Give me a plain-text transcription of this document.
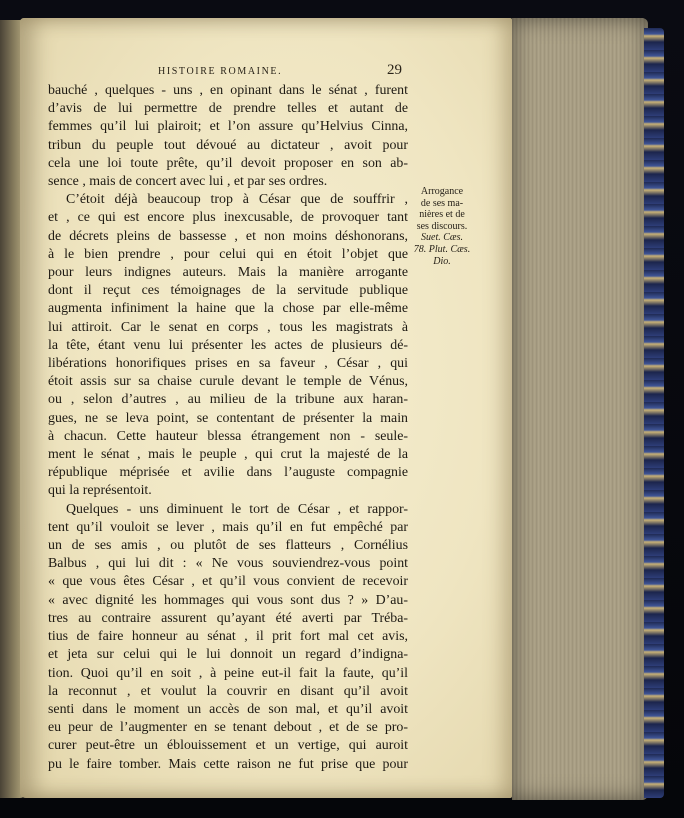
HISTOIRE ROMAINE.	29
bauché , quelques - uns , en opinant dans le sénat , furent
d’avis de lui permettre de prendre telles et autant de
femmes qu’il lui plairoit; et l’on assure qu’Helvius Cinna,
tribun du peuple tout dévoué au dictateur , avoit pour
cela une loi toute prête, qu’il devoit proposer en son ab-
sence , mais de concert avec lui , et par ses ordres.
C’étoit déjà beaucoup trop à César que de souffrir ,
et , ce qui est encore plus inexcusable, de provoquer tant
de décrets pleins de bassesse , et non moins déshonorans,
à le bien prendre , pour celui qui en étoit l’objet que
pour leurs indignes auteurs. Mais la manière arrogante
dont il reçut ces témoignages de la servitude publique
augmenta infiniment la haine que la chose par elle-même
lui attiroit. Car le senat en corps , tous les magistrats à
la tête, étant venu lui présenter les actes de plusieurs dé-
libérations honorifiques prises en sa faveur , César , qui
étoit assis sur sa chaise curule devant le temple de Vénus,
ou , selon d’autres , au milieu de la tribune aux haran-
gues, ne se leva point, se contentant de présenter la main
à chacun. Cette hauteur blessa étrangement non - seule-
ment le sénat , mais le peuple , qui crut la majesté de la
république méprisée et avilie dans l’auguste compagnie
qui la représentoit.
Quelques - uns diminuent le tort de César , et rappor-
tent qu’il vouloit se lever , mais qu’il en fut empêché par
un de ses amis , ou plutôt de ses flatteurs , Cornélius
Balbus , qui lui dit : « Ne vous souviendrez-vous point
« que vous êtes César , et qu’il vous convient de recevoir
« avec dignité les hommages qui vous sont dus ? » D’au-
tres au contraire assurent qu’ayant été averti par Trébа-
tius de faire honneur au sénat , il prit fort mal cet avis,
et jeta sur celui qui le lui donnoit un regard d’indigna-
tion. Quoi qu’il en soit , à peine eut-il fait la faute, qu’il
la reconnut , et voulut la couvrir en disant qu’il avoit
senti dans le moment un accès de son mal, et qu’il avoit
eu peur de l’augmenter en se tenant debout , et de se pro-
curer peut-être un éblouissement et un vertige, qui auroit
pu le faire tomber. Mais cette raison ne fut prise que pour
Arrogance
de ses ma-
nières et de
ses discours.
Suet. Cæs.
78. Plut. Cæs.
Dio.
